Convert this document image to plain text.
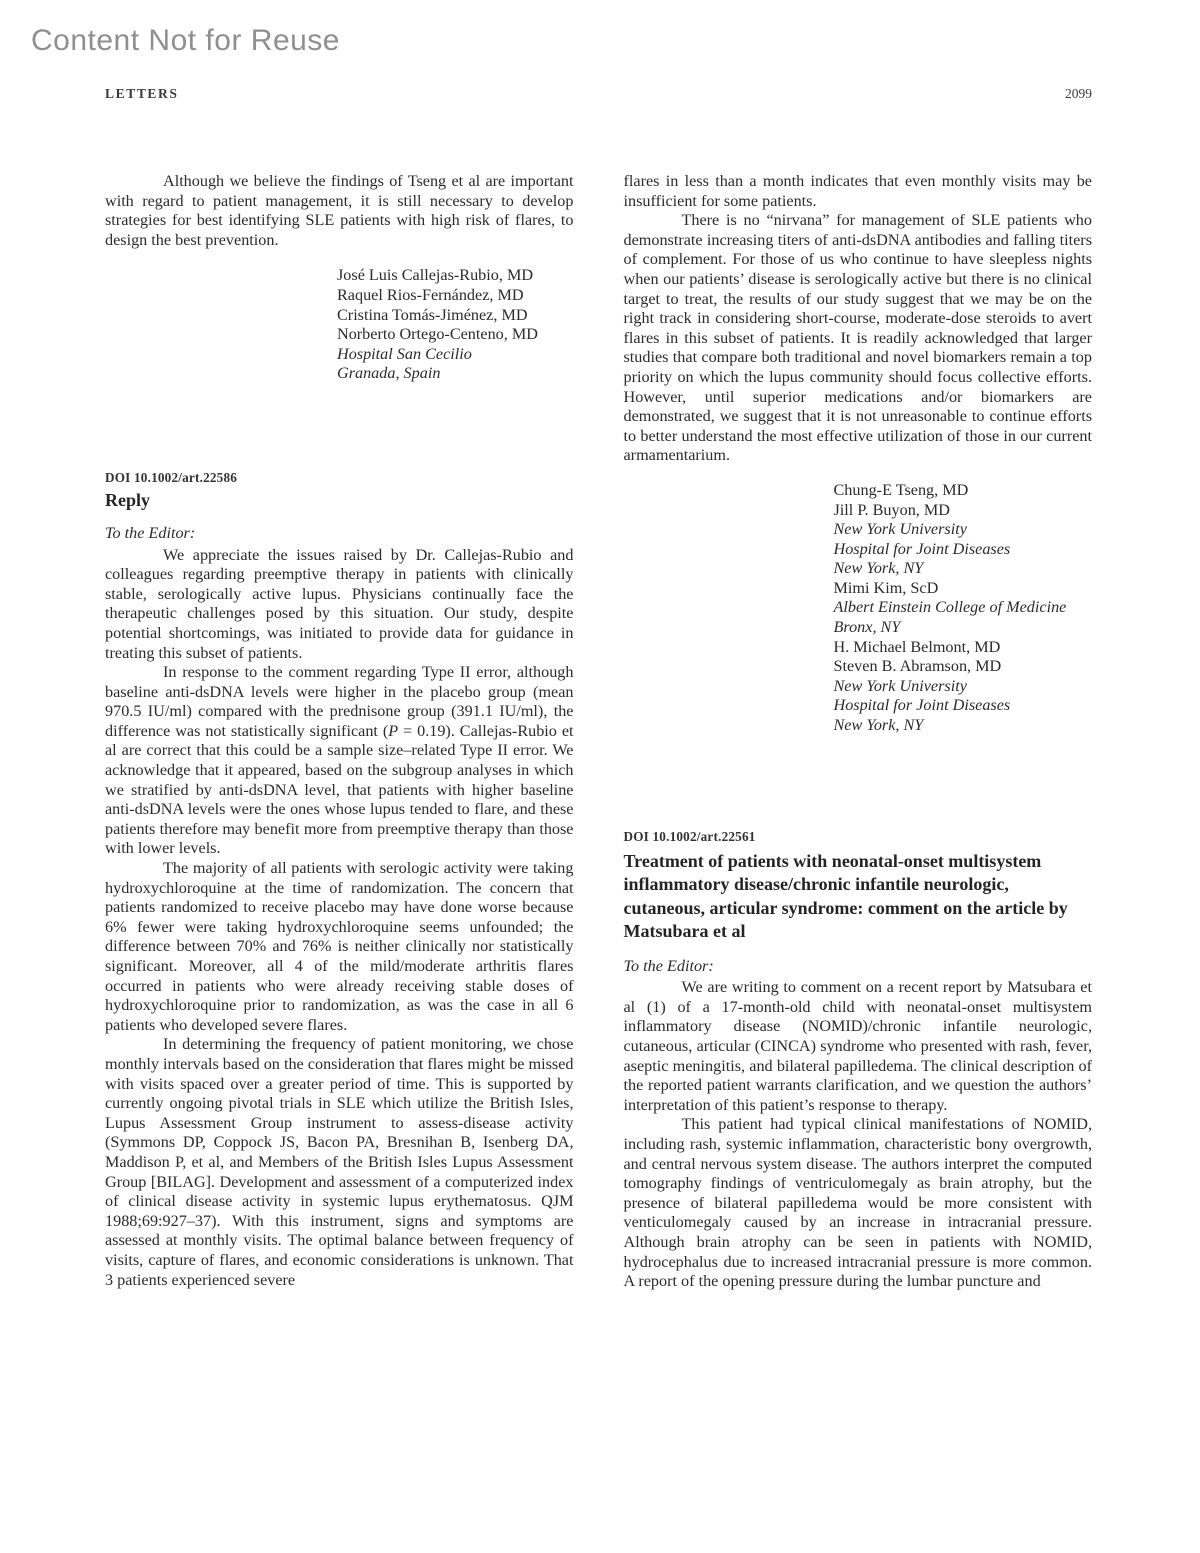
Content Not for Reuse
LETTERS	2099

Although we believe the findings of Tseng et al are important with regard to patient management, it is still necessary to develop strategies for best identifying SLE patients with high risk of flares, to design the best prevention.

José Luis Callejas-Rubio, MD
Raquel Rios-Fernández, MD
Cristina Tomás-Jiménez, MD
Norberto Ortego-Centeno, MD
Hospital San Cecilio
Granada, Spain
DOI 10.1002/art.22586
Reply

To the Editor:

We appreciate the issues raised by Dr. Callejas-Rubio and colleagues regarding preemptive therapy in patients with clinically stable, serologically active lupus. Physicians continually face the therapeutic challenges posed by this situation. Our study, despite potential shortcomings, was initiated to provide data for guidance in treating this subset of patients.

In response to the comment regarding Type II error, although baseline anti-dsDNA levels were higher in the placebo group (mean 970.5 IU/ml) compared with the prednisone group (391.1 IU/ml), the difference was not statistically significant (P = 0.19). Callejas-Rubio et al are correct that this could be a sample size–related Type II error. We acknowledge that it appeared, based on the subgroup analyses in which we stratified by anti-dsDNA level, that patients with higher baseline anti-dsDNA levels were the ones whose lupus tended to flare, and these patients therefore may benefit more from preemptive therapy than those with lower levels.

The majority of all patients with serologic activity were taking hydroxychloroquine at the time of randomization. The concern that patients randomized to receive placebo may have done worse because 6% fewer were taking hydroxychloroquine seems unfounded; the difference between 70% and 76% is neither clinically nor statistically significant. Moreover, all 4 of the mild/moderate arthritis flares occurred in patients who were already receiving stable doses of hydroxychloroquine prior to randomization, as was the case in all 6 patients who developed severe flares.

In determining the frequency of patient monitoring, we chose monthly intervals based on the consideration that flares might be missed with visits spaced over a greater period of time. This is supported by currently ongoing pivotal trials in SLE which utilize the British Isles, Lupus Assessment Group instrument to assess-disease activity (Symmons DP, Coppock JS, Bacon PA, Bresnihan B, Isenberg DA, Maddison P, et al, and Members of the British Isles Lupus Assessment Group [BILAG]. Development and assessment of a computerized index of clinical disease activity in systemic lupus erythematosus. QJM 1988;69:927–37). With this instrument, signs and symptoms are assessed at monthly visits. The optimal balance between frequency of visits, capture of flares, and economic considerations is unknown. That 3 patients experienced severe

flares in less than a month indicates that even monthly visits may be insufficient for some patients.

There is no “nirvana” for management of SLE patients who demonstrate increasing titers of anti-dsDNA antibodies and falling titers of complement. For those of us who continue to have sleepless nights when our patients’ disease is serologically active but there is no clinical target to treat, the results of our study suggest that we may be on the right track in considering short-course, moderate-dose steroids to avert flares in this subset of patients. It is readily acknowledged that larger studies that compare both traditional and novel biomarkers remain a top priority on which the lupus community should focus collective efforts. However, until superior medications and/or biomarkers are demonstrated, we suggest that it is not unreasonable to continue efforts to better understand the most effective utilization of those in our current armamentarium.

Chung-E Tseng, MD
Jill P. Buyon, MD
New York University
Hospital for Joint Diseases
New York, NY
Mimi Kim, ScD
Albert Einstein College of Medicine
Bronx, NY
H. Michael Belmont, MD
Steven B. Abramson, MD
New York University
Hospital for Joint Diseases
New York, NY
DOI 10.1002/art.22561
Treatment of patients with neonatal-onset multisystem inflammatory disease/chronic infantile neurologic, cutaneous, articular syndrome: comment on the article by Matsubara et al

To the Editor:

We are writing to comment on a recent report by Matsubara et al (1) of a 17-month-old child with neonatal-onset multisystem inflammatory disease (NOMID)/chronic infantile neurologic, cutaneous, articular (CINCA) syndrome who presented with rash, fever, aseptic meningitis, and bilateral papilledema. The clinical description of the reported patient warrants clarification, and we question the authors’ interpretation of this patient’s response to therapy.

This patient had typical clinical manifestations of NOMID, including rash, systemic inflammation, characteristic bony overgrowth, and central nervous system disease. The authors interpret the computed tomography findings of ventriculomegaly as brain atrophy, but the presence of bilateral papilledema would be more consistent with venticulomegaly caused by an increase in intracranial pressure. Although brain atrophy can be seen in patients with NOMID, hydrocephalus due to increased intracranial pressure is more common. A report of the opening pressure during the lumbar puncture and
